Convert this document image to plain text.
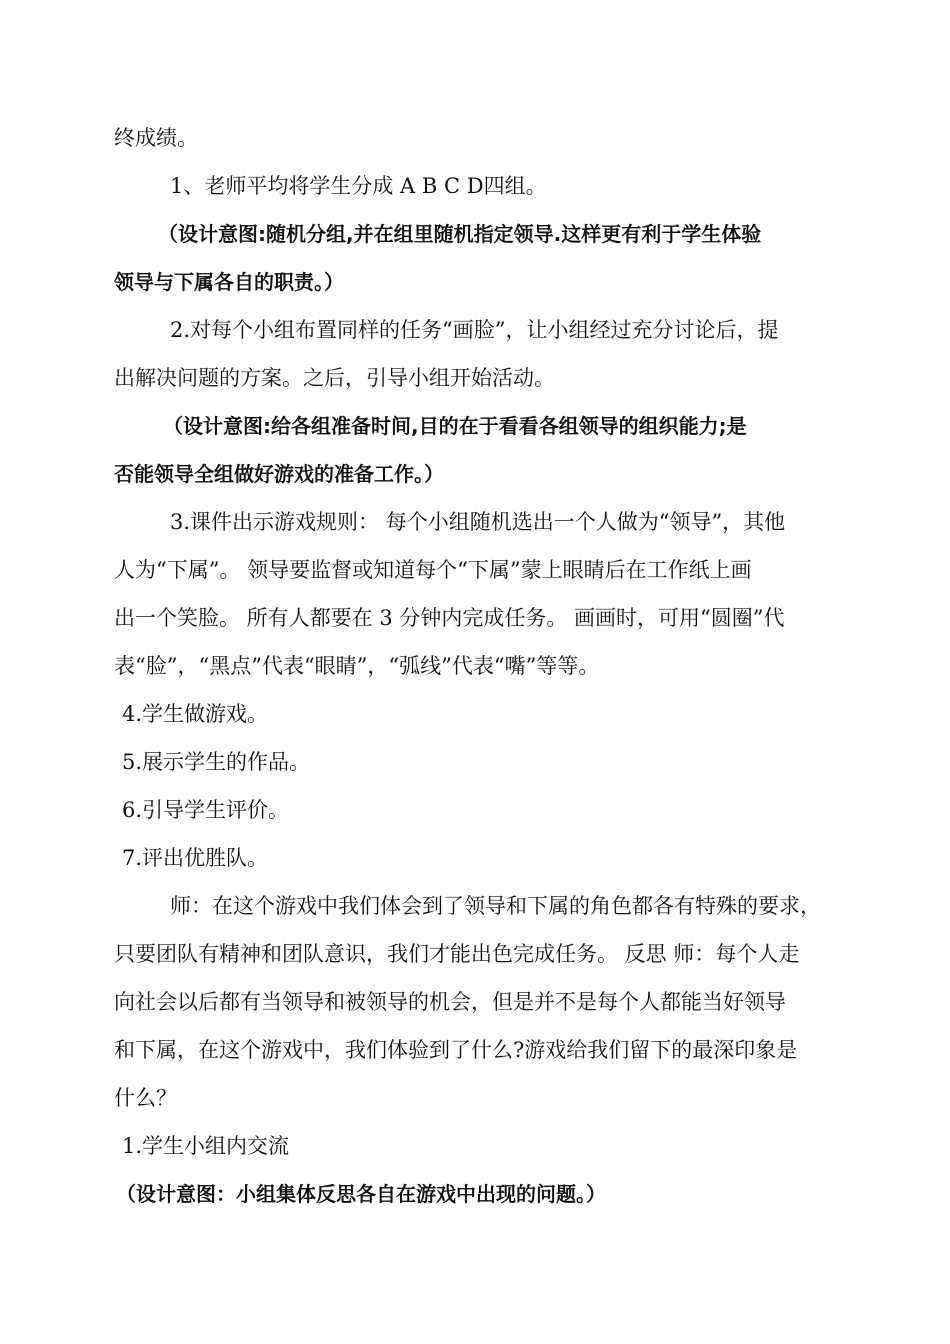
终成绩。
1、老师平均将学生分成 A B C D四组。
（设计意图:随机分组,并在组里随机指定领导.这样更有利于学生体验
领导与下属各自的职责。）
2.对每个小组布置同样的任务“画脸”，让小组经过充分讨论后，提
出解决问题的方案。之后，引导小组开始活动。
（设计意图:给各组准备时间,目的在于看看各组领导的组织能力;是
否能领导全组做好游戏的准备工作。）
3.课件出示游戏规则： 每个小组随机选出一个人做为“领导”，其他
人为“下属”。 领导要监督或知道每个“下属”蒙上眼睛后在工作纸上画
出一个笑脸。 所有人都要在 3 分钟内完成任务。 画画时，可用“圆圈”代
表“脸”，“黑点”代表“眼睛”，“弧线”代表“嘴”等等。
4.学生做游戏。
5.展示学生的作品。
6.引导学生评价。
7.评出优胜队。
师：在这个游戏中我们体会到了领导和下属的角色都各有特殊的要求，
只要团队有精神和团队意识，我们才能出色完成任务。 反思 师：每个人走
向社会以后都有当领导和被领导的机会，但是并不是每个人都能当好领导
和下属，在这个游戏中，我们体验到了什么?游戏给我们留下的最深印象是
什么？
1.学生小组内交流
（设计意图：小组集体反思各自在游戏中出现的问题。）
